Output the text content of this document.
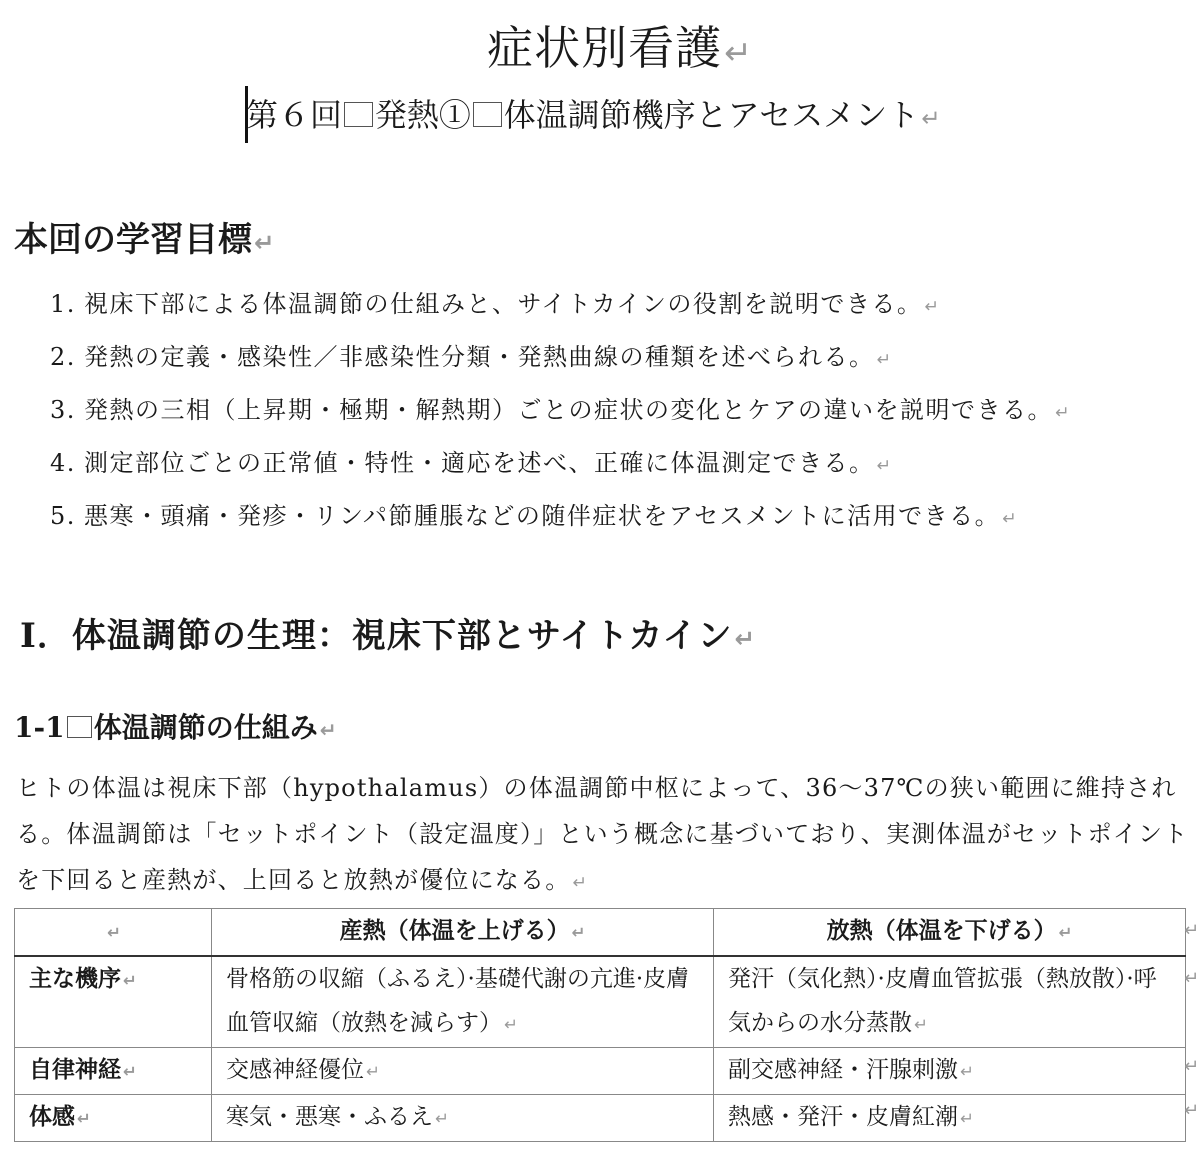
症状別看護↵
第６回 発熱① 体温調節機序とアセスメント↵
本回の学習目標↵
1. 視床下部による体温調節の仕組みと、サイトカインの役割を説明できる。 ↵
2. 発熱の定義・感染性／非感染性分類・発熱曲線の種類を述べられる。 ↵
3. 発熱の三相（上昇期・極期・解熱期）ごとの症状の変化とケアの違いを説明できる。 ↵
4. 測定部位ごとの正常値・特性・適応を述べ、正確に体温測定できる。 ↵
5. 悪寒・頭痛・発疹・リンパ節腫脹などの随伴症状をアセスメントに活用できる。 ↵
Ⅰ．体温調節の生理：視床下部とサイトカイン↵
1-1 体温調節の仕組み↵

ヒトの体温は視床下部（hypothalamus）の体温調節中枢によって、36〜37℃の狭い範囲に維持される。体温調節は「セットポイント（設定温度）」という概念に基づいており、実測体温がセットポイントを下回ると産熱が、上回ると放熱が優位になる。 ↵

↵	産熱（体温を上げる） ↵	放熱（体温を下げる） ↵
主な機序 ↵	骨格筋の収縮（ふるえ）·基礎代謝の亢進·皮膚血管収縮（放熱を減らす） ↵	発汗（気化熱）·皮膚血管拡張（熱放散）·呼気からの水分蒸散 ↵
自律神経 ↵	交感神経優位 ↵	副交感神経・汗腺刺激 ↵
体感 ↵	寒気・悪寒・ふるえ ↵	熱感・発汗・皮膚紅潮 ↵
↵
↵
↵
↵
